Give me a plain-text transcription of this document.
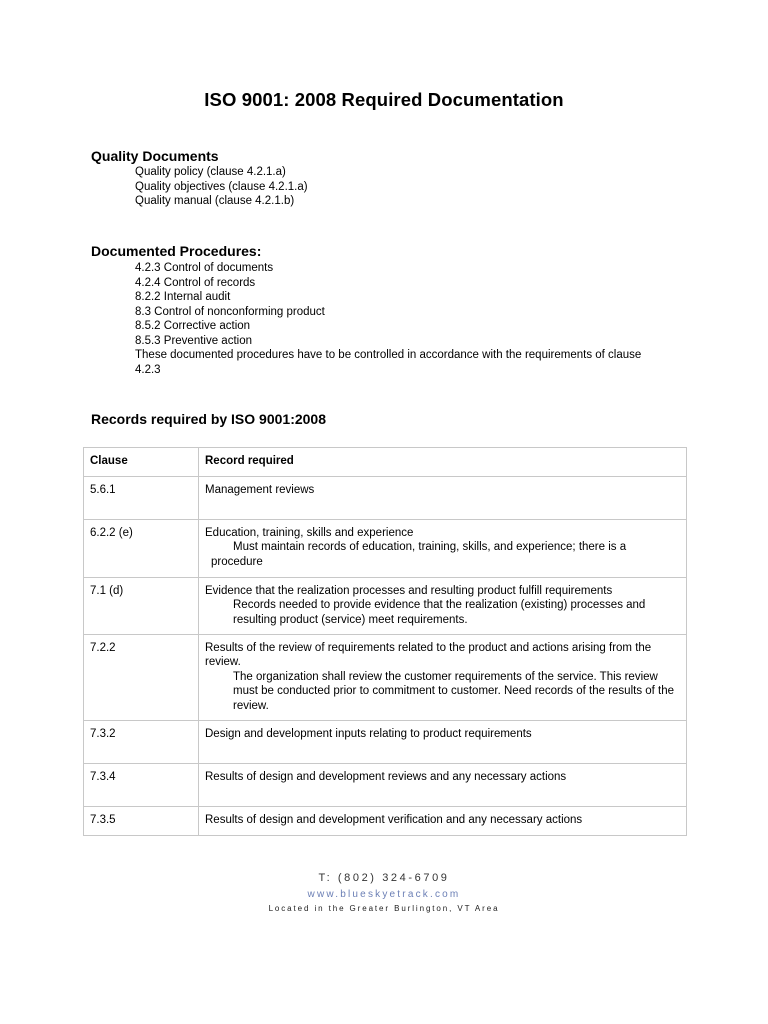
ISO 9001: 2008 Required Documentation
Quality Documents
Quality policy (clause 4.2.1.a)
Quality objectives (clause 4.2.1.a)
Quality manual (clause 4.2.1.b)
Documented Procedures:
4.2.3 Control of documents
4.2.4 Control of records
8.2.2 Internal audit
8.3 Control of nonconforming product
8.5.2 Corrective action
8.5.3 Preventive action
These documented procedures have to be controlled in accordance with the requirements of clause 4.2.3
Records required by ISO 9001:2008
Clause	Record required
5.6.1	Management reviews

6.2.2 (e)	Education, training, skills and experience
Must maintain records of education, training, skills, and experience; there is a procedure

7.1 (d)	Evidence that the realization processes and resulting product fulfill requirements
Records needed to provide evidence that the realization (existing) processes and resulting product (service) meet requirements.

7.2.2	Results of the review of requirements related to the product and actions arising from the review.
The organization shall review the customer requirements of the service. This review must be conducted prior to commitment to customer. Need records of the results of the review.

7.3.2	Design and development inputs relating to product requirements

7.3.4	Results of design and development reviews and any necessary actions

7.3.5	Results of design and development verification and any necessary actions
T: (802) 324-6709
www.blueskyetrack.com
Located in the Greater Burlington, VT Area
